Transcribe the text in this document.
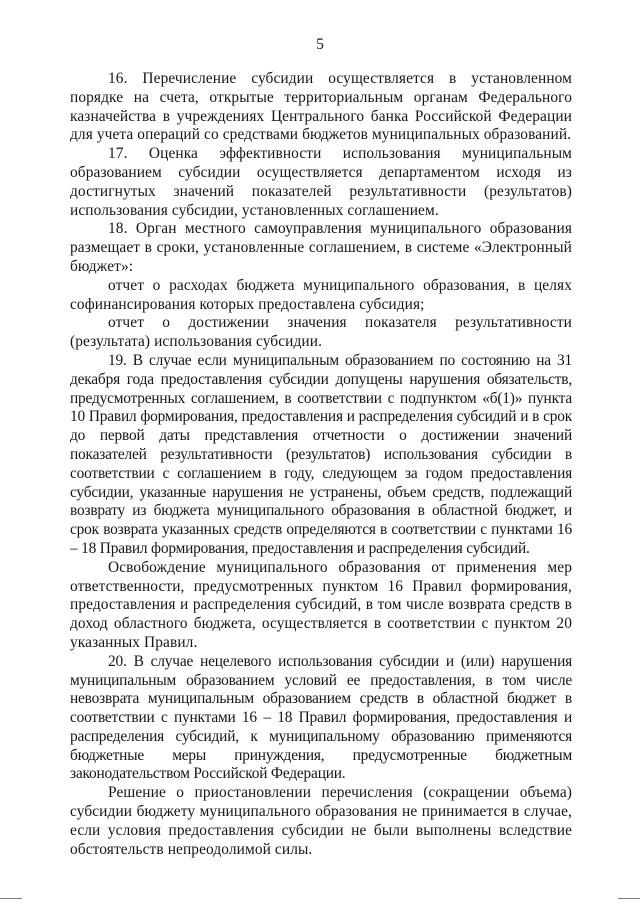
5

16. Перечисление субсидии осуществляется в установленном порядке на счета, открытые территориальным органам Федерального казначейства в учреждениях Центрального банка Российской Федерации для учета операций со средствами бюджетов муниципальных образований.

17. Оценка эффективности использования муниципальным образованием субсидии осуществляется департаментом исходя из достигнутых значений показателей результативности (результатов) использования субсидии, установленных соглашением.

18. Орган местного самоуправления муниципального образования размещает в сроки, установленные соглашением, в системе «Электронный бюджет»:

отчет о расходах бюджета муниципального образования, в целях софинансирования которых предоставлена субсидия;

отчет о достижении значения показателя результативности (результата) использования субсидии.

19. В случае если муниципальным образованием по состоянию на 31 декабря года предоставления субсидии допущены нарушения обязательств, предусмотренных соглашением, в соответствии с подпунктом «б(1)» пункта 10 Правил формирования, предоставления и распределения субсидий и в срок до первой даты представления отчетности о достижении значений показателей результативности (результатов) использования субсидии в соответствии с соглашением в году, следующем за годом предоставления субсидии, указанные нарушения не устранены, объем средств, подлежащий возврату из бюджета муниципального образования в областной бюджет, и срок возврата указанных средств определяются в соответствии с пунктами 16 – 18 Правил формирования, предоставления и распределения субсидий.

Освобождение муниципального образования от применения мер ответственности, предусмотренных пунктом 16 Правил формирования, предоставления и распределения субсидий, в том числе возврата средств в доход областного бюджета, осуществляется в соответствии с пунктом 20 указанных Правил.

20. В случае нецелевого использования субсидии и (или) нарушения муниципальным образованием условий ее предоставления, в том числе невозврата муниципальным образованием средств в областной бюджет в соответствии с пунктами 16 – 18 Правил формирования, предоставления и распределения субсидий, к муниципальному образованию применяются бюджетные меры принуждения, предусмотренные бюджетным законодательством Российской Федерации.

Решение о приостановлении перечисления (сокращении объема) субсидии бюджету муниципального образования не принимается в случае, если условия предоставления субсидии не были выполнены вследствие обстоятельств непреодолимой силы.
